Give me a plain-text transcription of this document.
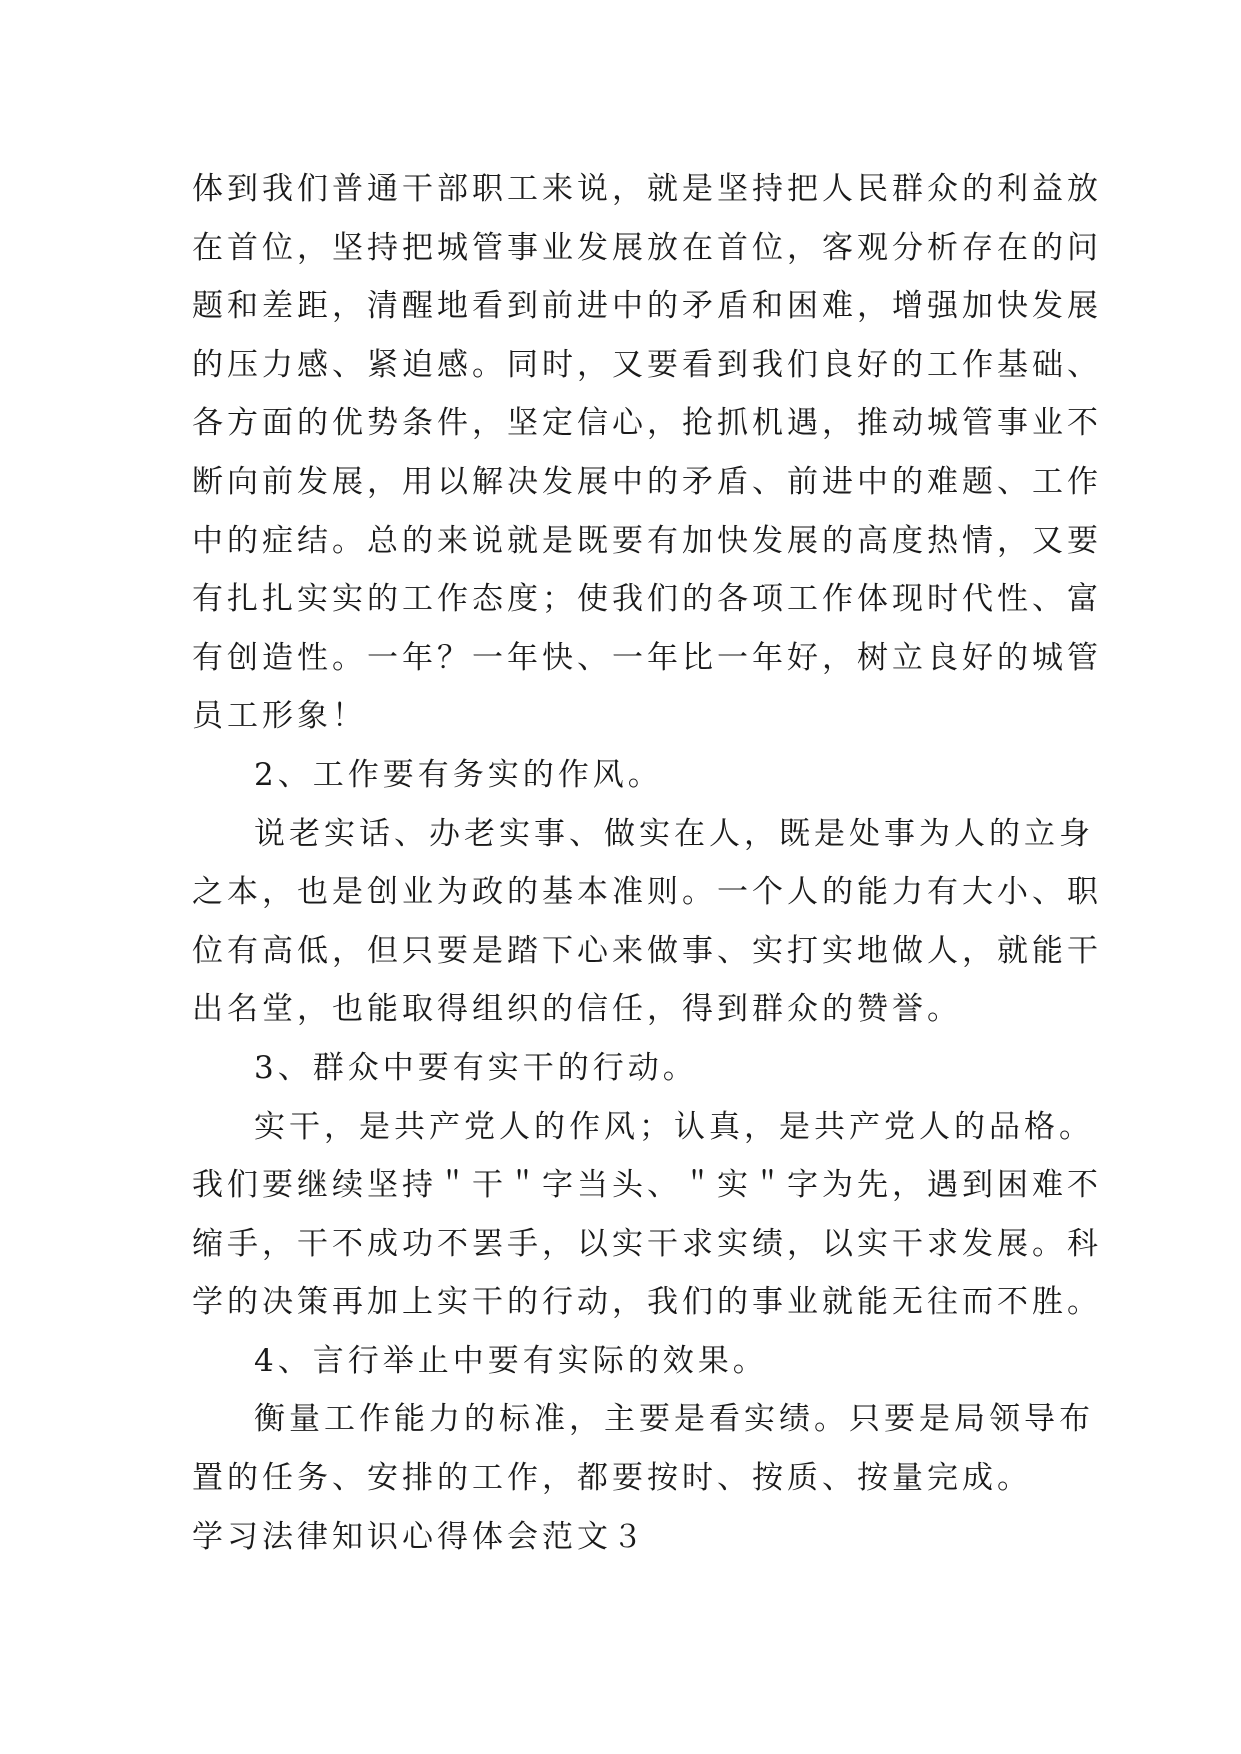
体到我们普通干部职工来说，就是坚持把人民群众的利益放
在首位，坚持把城管事业发展放在首位，客观分析存在的问
题和差距，清醒地看到前进中的矛盾和困难，增强加快发展
的压力感、紧迫感。同时，又要看到我们良好的工作基础、
各方面的优势条件，坚定信心，抢抓机遇，推动城管事业不
断向前发展，用以解决发展中的矛盾、前进中的难题、工作
中的症结。总的来说就是既要有加快发展的高度热情，又要
有扎扎实实的工作态度；使我们的各项工作体现时代性、富
有创造性。一年？一年快、一年比一年好，树立良好的城管
员工形象！
2、工作要有务实的作风。
说老实话、办老实事、做实在人，既是处事为人的立身
之本，也是创业为政的基本准则。一个人的能力有大小、职
位有高低，但只要是踏下心来做事、实打实地做人，就能干
出名堂，也能取得组织的信任，得到群众的赞誉。
3、群众中要有实干的行动。
实干，是共产党人的作风；认真，是共产党人的品格。
我们要继续坚持＂干＂字当头、＂实＂字为先，遇到困难不
缩手，干不成功不罢手，以实干求实绩，以实干求发展。科
学的决策再加上实干的行动，我们的事业就能无往而不胜。
4、言行举止中要有实际的效果。
衡量工作能力的标准，主要是看实绩。只要是局领导布
置的任务、安排的工作，都要按时、按质、按量完成。
学习法律知识心得体会范文３
